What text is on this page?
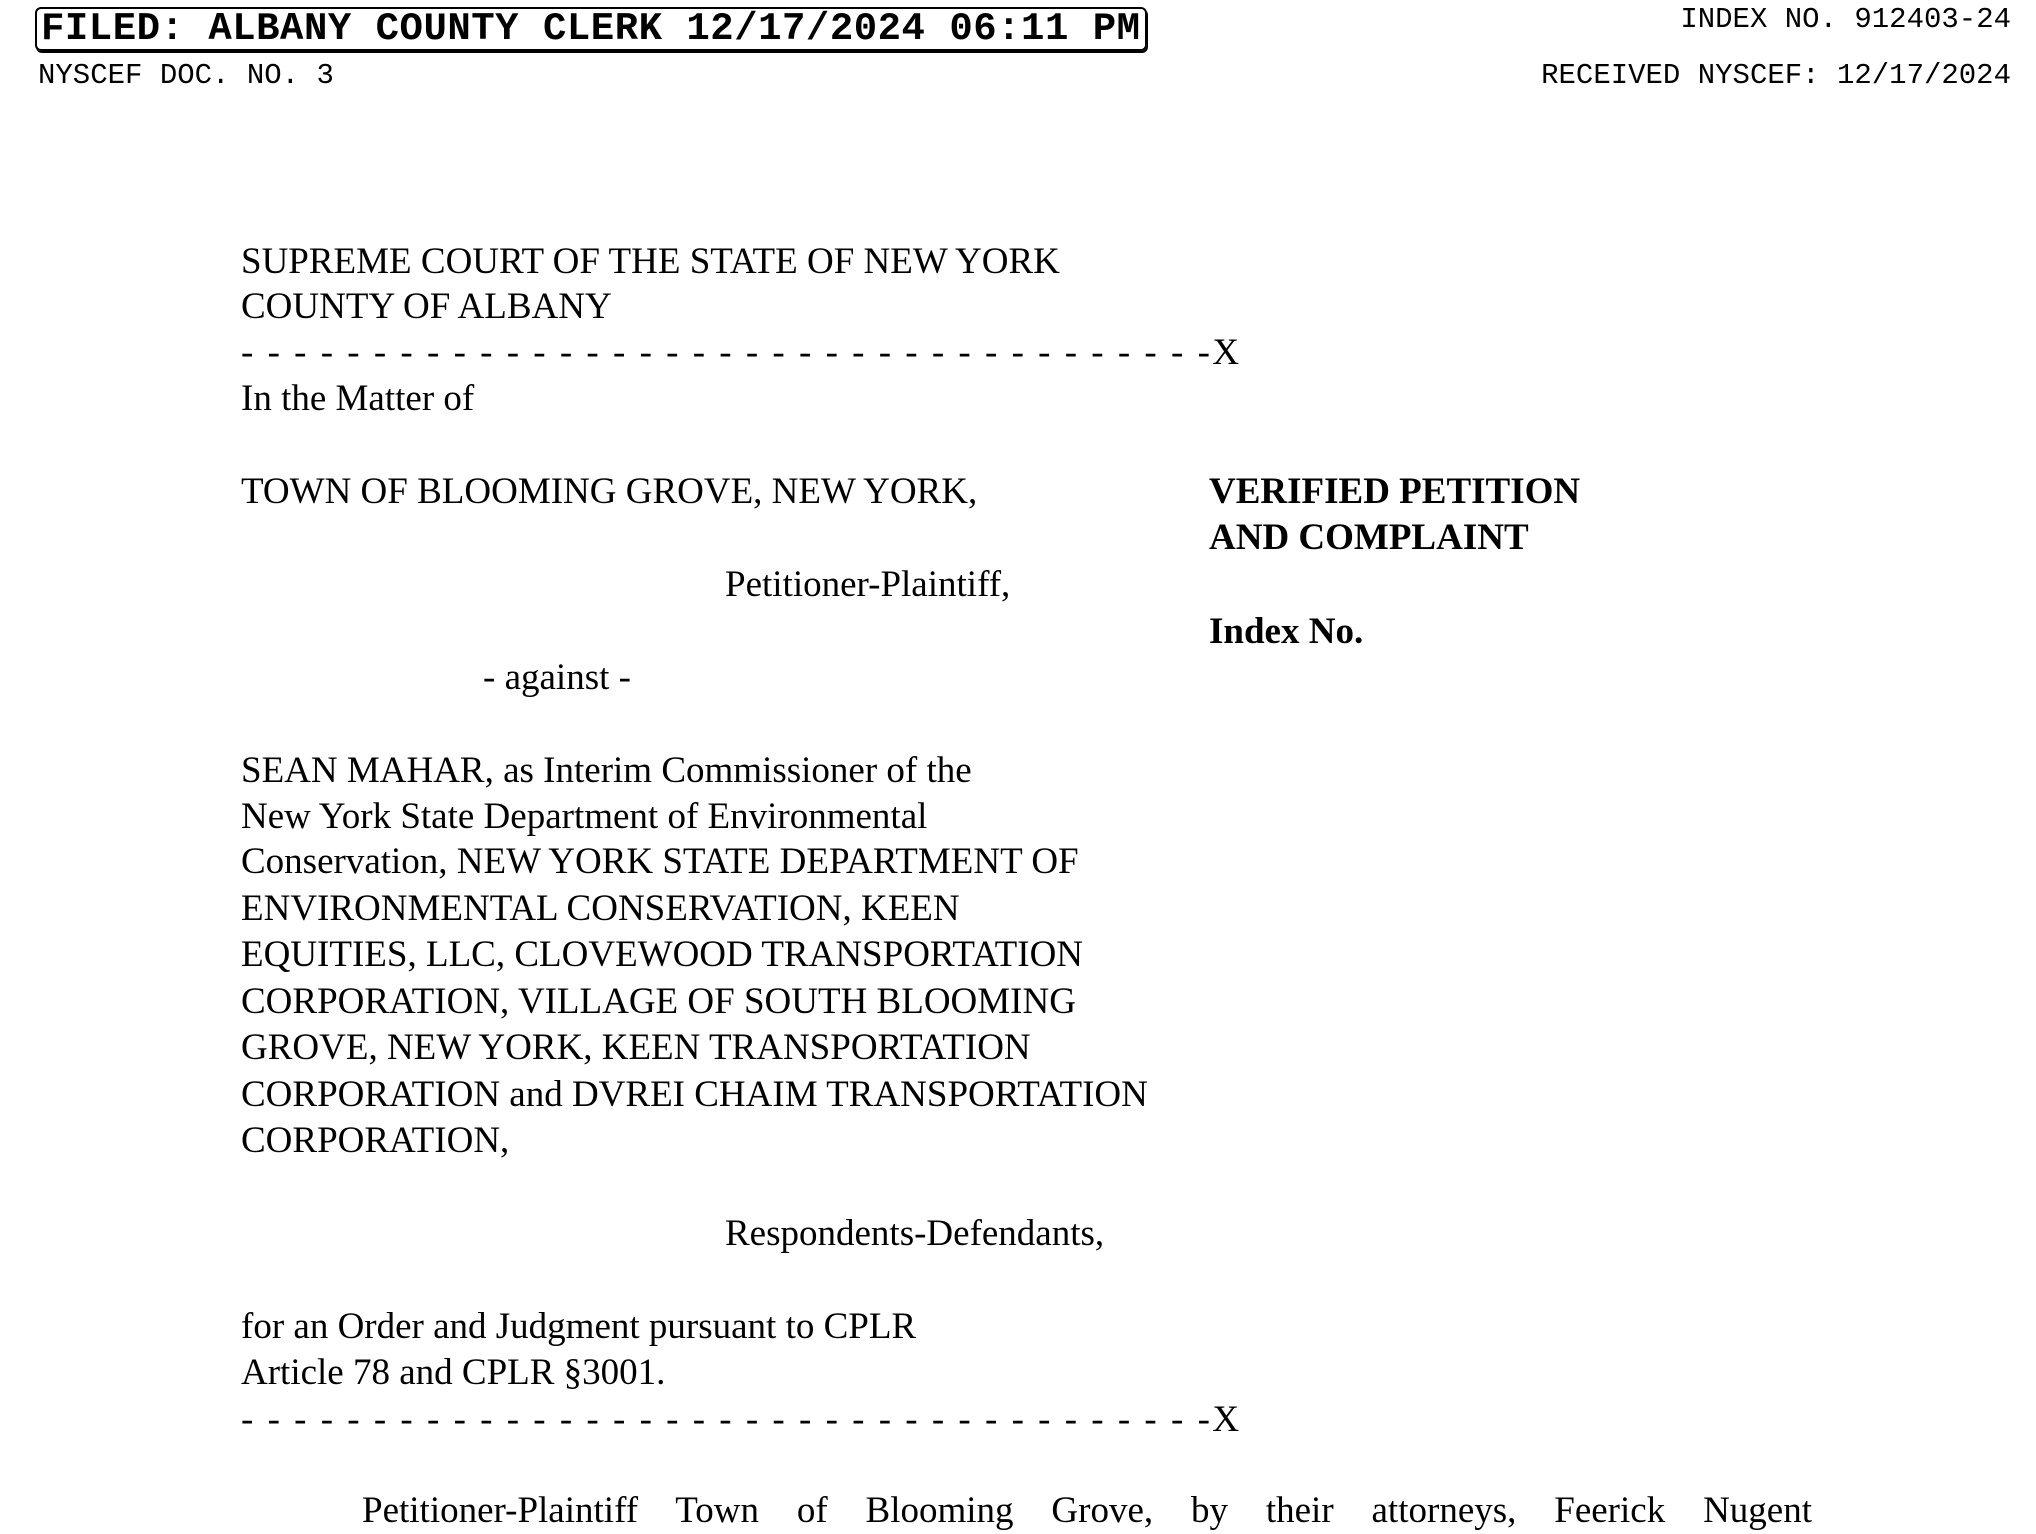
FILED: ALBANY COUNTY CLERK 12/17/2024 06:11 PM	INDEX NO. 912403-24
NYSCEF DOC. NO. 3	RECEIVED NYSCEF: 12/17/2024
SUPREME COURT OF THE STATE OF NEW YORK
COUNTY OF ALBANY
- - - - - - - - - - - - - - - - - - - - - - - - - - - - - - - - - - - - -X
In the Matter of
TOWN OF BLOOMING GROVE, NEW YORK,	VERIFIED PETITION
AND COMPLAINT
Petitioner-Plaintiff,
Index No.
- against -
SEAN MAHAR, as Interim Commissioner of the
New York State Department of Environmental
Conservation, NEW YORK STATE DEPARTMENT OF
ENVIRONMENTAL CONSERVATION, KEEN
EQUITIES, LLC, CLOVEWOOD TRANSPORTATION
CORPORATION, VILLAGE OF SOUTH BLOOMING
GROVE, NEW YORK, KEEN TRANSPORTATION
CORPORATION and DVREI CHAIM TRANSPORTATION
CORPORATION,
Respondents-Defendants,
for an Order and Judgment pursuant to CPLR
Article 78 and CPLR §3001.
- - - - - - - - - - - - - - - - - - - - - - - - - - - - - - - - - - - - -X
Petitioner-Plaintiff Town of Blooming Grove, by their attorneys, Feerick Nugent
